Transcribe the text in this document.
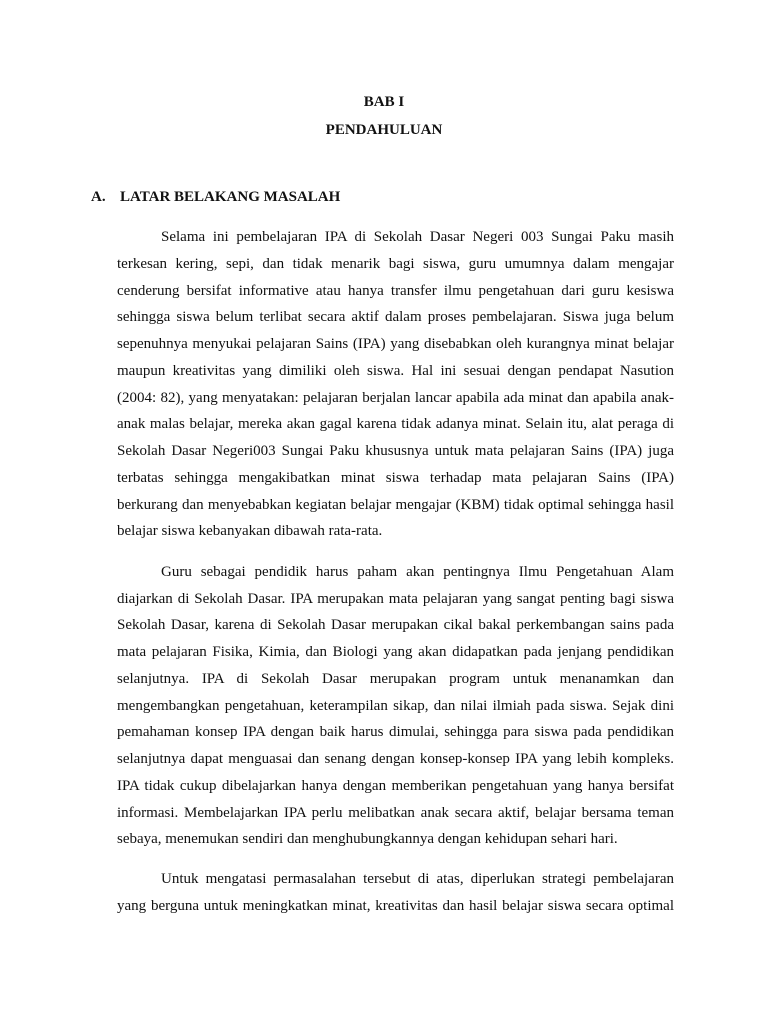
BAB I
PENDAHULUAN
A. LATAR BELAKANG MASALAH
Selama ini pembelajaran IPA di Sekolah Dasar Negeri 003 Sungai Paku masih
terkesan kering, sepi, dan tidak menarik bagi siswa, guru umumnya dalam mengajar
cenderung bersifat informative atau hanya transfer ilmu pengetahuan dari guru kesiswa
sehingga siswa belum terlibat secara aktif dalam proses pembelajaran. Siswa juga belum
sepenuhnya menyukai pelajaran Sains (IPA) yang disebabkan oleh kurangnya minat belajar
maupun kreativitas yang dimiliki oleh siswa. Hal ini sesuai dengan pendapat Nasution
(2004: 82), yang menyatakan: pelajaran berjalan lancar apabila ada minat dan apabila anak-
anak malas belajar, mereka akan gagal karena tidak adanya minat. Selain itu, alat peraga di
Sekolah Dasar Negeri003 Sungai Paku khususnya untuk mata pelajaran Sains (IPA) juga
terbatas sehingga mengakibatkan minat siswa terhadap mata pelajaran Sains (IPA)
berkurang dan menyebabkan kegiatan belajar mengajar (KBM) tidak optimal sehingga hasil
belajar siswa kebanyakan dibawah rata-rata.
Guru sebagai pendidik harus paham akan pentingnya Ilmu Pengetahuan Alam
diajarkan di Sekolah Dasar. IPA merupakan mata pelajaran yang sangat penting bagi siswa
Sekolah Dasar, karena di Sekolah Dasar merupakan cikal bakal perkembangan sains pada
mata pelajaran Fisika, Kimia, dan Biologi yang akan didapatkan pada jenjang pendidikan
selanjutnya. IPA di Sekolah Dasar merupakan program untuk menanamkan dan
mengembangkan pengetahuan, keterampilan sikap, dan nilai ilmiah pada siswa. Sejak dini
pemahaman konsep IPA dengan baik harus dimulai, sehingga para siswa pada pendidikan
selanjutnya dapat menguasai dan senang dengan konsep-konsep IPA yang lebih kompleks.
IPA tidak cukup dibelajarkan hanya dengan memberikan pengetahuan yang hanya bersifat
informasi. Membelajarkan IPA perlu melibatkan anak secara aktif, belajar bersama teman
sebaya, menemukan sendiri dan menghubungkannya dengan kehidupan sehari hari.
Untuk mengatasi permasalahan tersebut di atas, diperlukan strategi pembelajaran
yang berguna untuk meningkatkan minat, kreativitas dan hasil belajar siswa secara optimal
